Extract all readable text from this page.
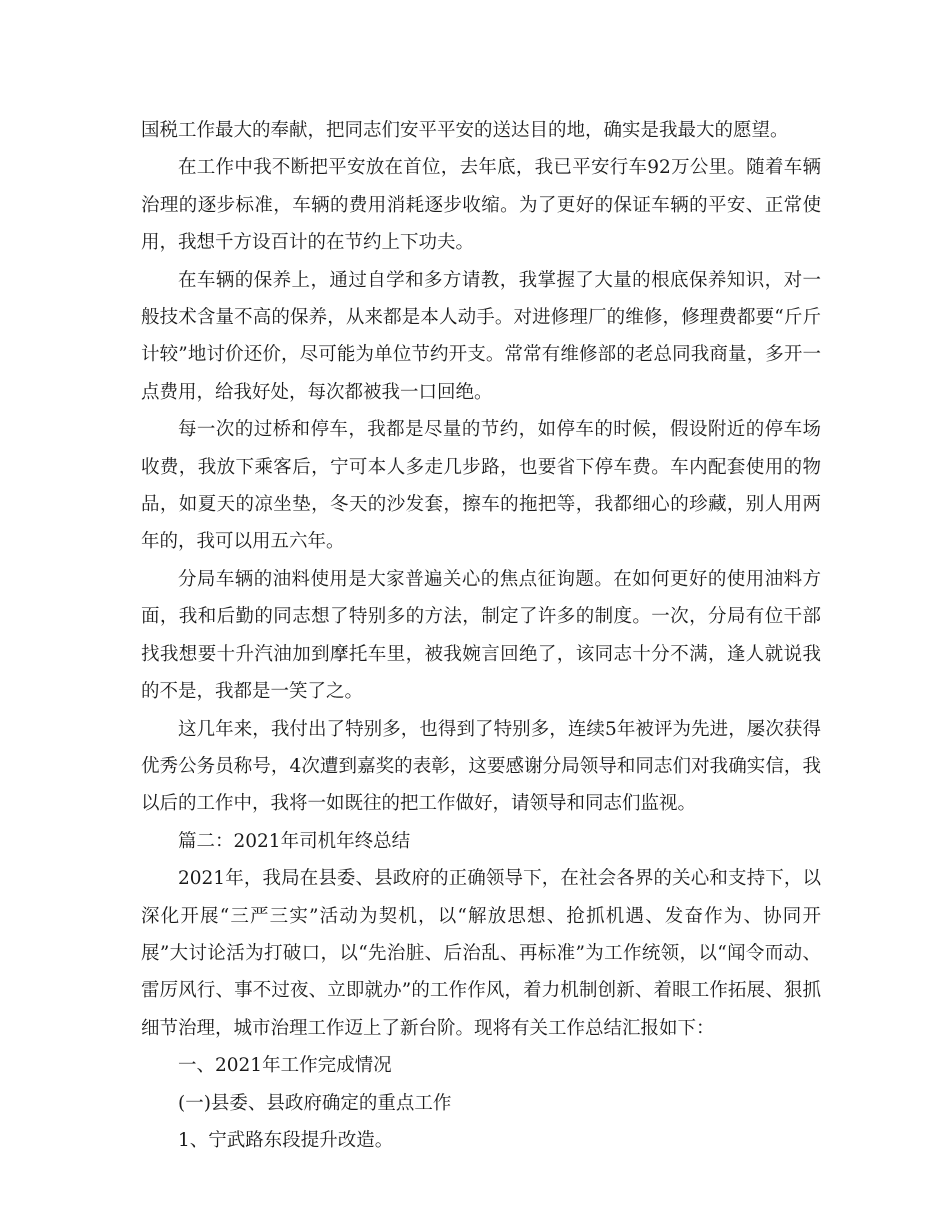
国税工作最大的奉献，把同志们安平平安的送达目的地，确实是我最大的愿望。

在工作中我不断把平安放在首位，去年底，我已平安行车92万公里。随着车辆治理的逐步标准，车辆的费用消耗逐步收缩。为了更好的保证车辆的平安、正常使用，我想千方设百计的在节约上下功夫。

在车辆的保养上，通过自学和多方请教，我掌握了大量的根底保养知识，对一般技术含量不高的保养，从来都是本人动手。对进修理厂的维修，修理费都要“斤斤计较”地讨价还价，尽可能为单位节约开支。常常有维修部的老总同我商量，多开一点费用，给我好处，每次都被我一口回绝。

每一次的过桥和停车，我都是尽量的节约，如停车的时候，假设附近的停车场收费，我放下乘客后，宁可本人多走几步路，也要省下停车费。车内配套使用的物品，如夏天的凉坐垫，冬天的沙发套，擦车的拖把等，我都细心的珍藏，别人用两年的，我可以用五六年。

分局车辆的油料使用是大家普遍关心的焦点征询题。在如何更好的使用油料方面，我和后勤的同志想了特别多的方法，制定了许多的制度。一次，分局有位干部找我想要十升汽油加到摩托车里，被我婉言回绝了，该同志十分不满，逢人就说我的不是，我都是一笑了之。

这几年来，我付出了特别多，也得到了特别多，连续5年被评为先进，屡次获得优秀公务员称号，4次遭到嘉奖的表彰，这要感谢分局领导和同志们对我确实信，我以后的工作中，我将一如既往的把工作做好，请领导和同志们监视。

篇二：2021年司机年终总结

2021年，我局在县委、县政府的正确领导下，在社会各界的关心和支持下，以深化开展“三严三实”活动为契机，以“解放思想、抢抓机遇、发奋作为、协同开展”大讨论活为打破口，以“先治脏、后治乱、再标准”为工作统领，以“闻令而动、雷厉风行、事不过夜、立即就办”的工作作风，着力机制创新、着眼工作拓展、狠抓细节治理，城市治理工作迈上了新台阶。现将有关工作总结汇报如下：

一、2021年工作完成情况

(一)县委、县政府确定的重点工作

1、宁武路东段提升改造。
